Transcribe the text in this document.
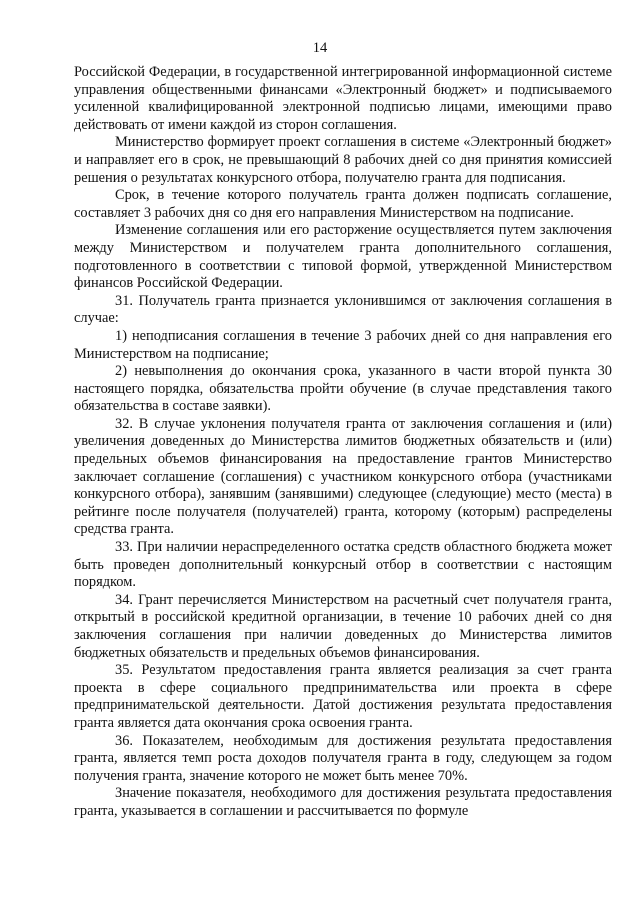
14

Российской Федерации, в государственной интегрированной информационной системе управления общественными финансами «Электронный бюджет» и подписываемого усиленной квалифицированной электронной подписью лицами, имеющими право действовать от имени каждой из сторон соглашения.

Министерство формирует проект соглашения в системе «Электронный бюджет» и направляет его в срок, не превышающий 8 рабочих дней со дня принятия комиссией решения о результатах конкурсного отбора, получателю гранта для подписания.

Срок, в течение которого получатель гранта должен подписать соглашение, составляет 3 рабочих дня со дня его направления Министерством на подписание.

Изменение соглашения или его расторжение осуществляется путем заключения между Министерством и получателем гранта дополнительного соглашения, подготовленного в соответствии с типовой формой, утвержденной Министерством финансов Российской Федерации.

31. Получатель гранта признается уклонившимся от заключения соглашения в случае:

1) неподписания соглашения в течение 3 рабочих дней со дня направления его Министерством на подписание;

2) невыполнения до окончания срока, указанного в части второй пункта 30 настоящего порядка, обязательства пройти обучение (в случае представления такого обязательства в составе заявки).

32. В случае уклонения получателя гранта от заключения соглашения и (или) увеличения доведенных до Министерства лимитов бюджетных обязательств и (или) предельных объемов финансирования на предоставление грантов Министерство заключает соглашение (соглашения) с участником конкурсного отбора (участниками конкурсного отбора), занявшим (занявшими) следующее (следующие) место (места) в рейтинге после получателя (получателей) гранта, которому (которым) распределены средства гранта.

33. При наличии нераспределенного остатка средств областного бюджета может быть проведен дополнительный конкурсный отбор в соответствии с настоящим порядком.

34. Грант перечисляется Министерством на расчетный счет получателя гранта, открытый в российской кредитной организации, в течение 10 рабочих дней со дня заключения соглашения при наличии доведенных до Министерства лимитов бюджетных обязательств и предельных объемов финансирования.

35. Результатом предоставления гранта является реализация за счет гранта проекта в сфере социального предпринимательства или проекта в сфере предпринимательской деятельности. Датой достижения результата предоставления гранта является дата окончания срока освоения гранта.

36. Показателем, необходимым для достижения результата предоставления гранта, является темп роста доходов получателя гранта в году, следующем за годом получения гранта, значение которого не может быть менее 70%.

Значение показателя, необходимого для достижения результата предоставления гранта, указывается в соглашении и рассчитывается по формуле
